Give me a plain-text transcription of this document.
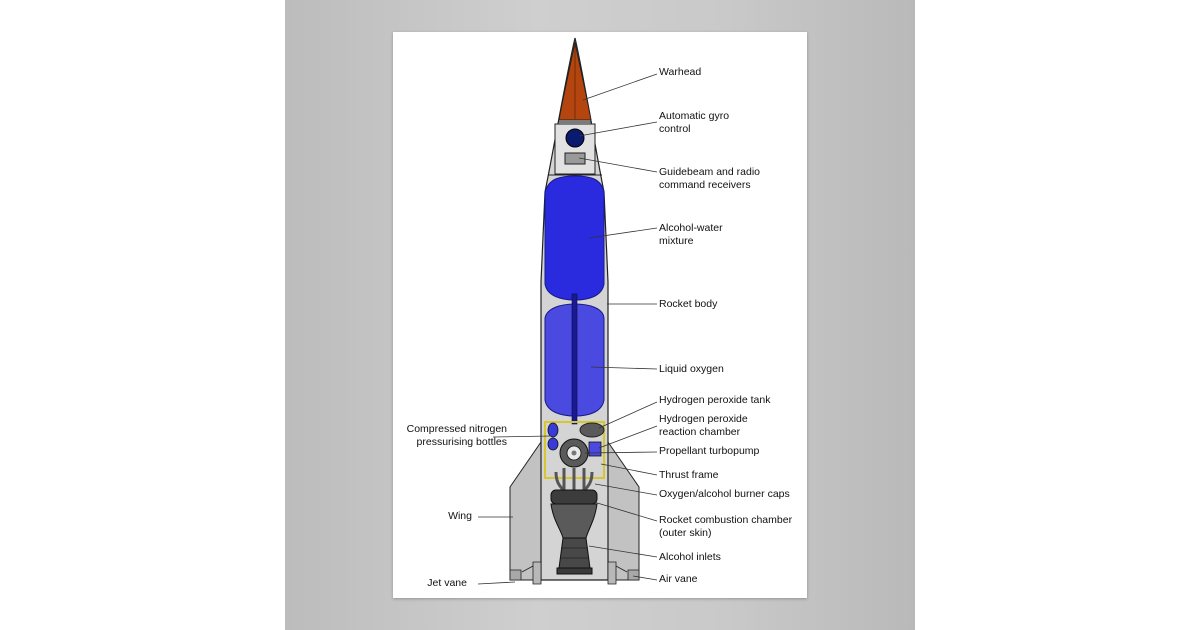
Warhead
Automatic gyro
control
Guidebeam and radio
command receivers
Alcohol-water
mixture
Rocket body
Liquid oxygen
Hydrogen peroxide tank
Hydrogen peroxide
reaction chamber
Propellant turbopump
Thrust frame
Oxygen/alcohol burner caps
Rocket combustion chamber
(outer skin)
Alcohol inlets
Air vane
Compressed nitrogen
pressurising bottles
Wing
Jet vane
